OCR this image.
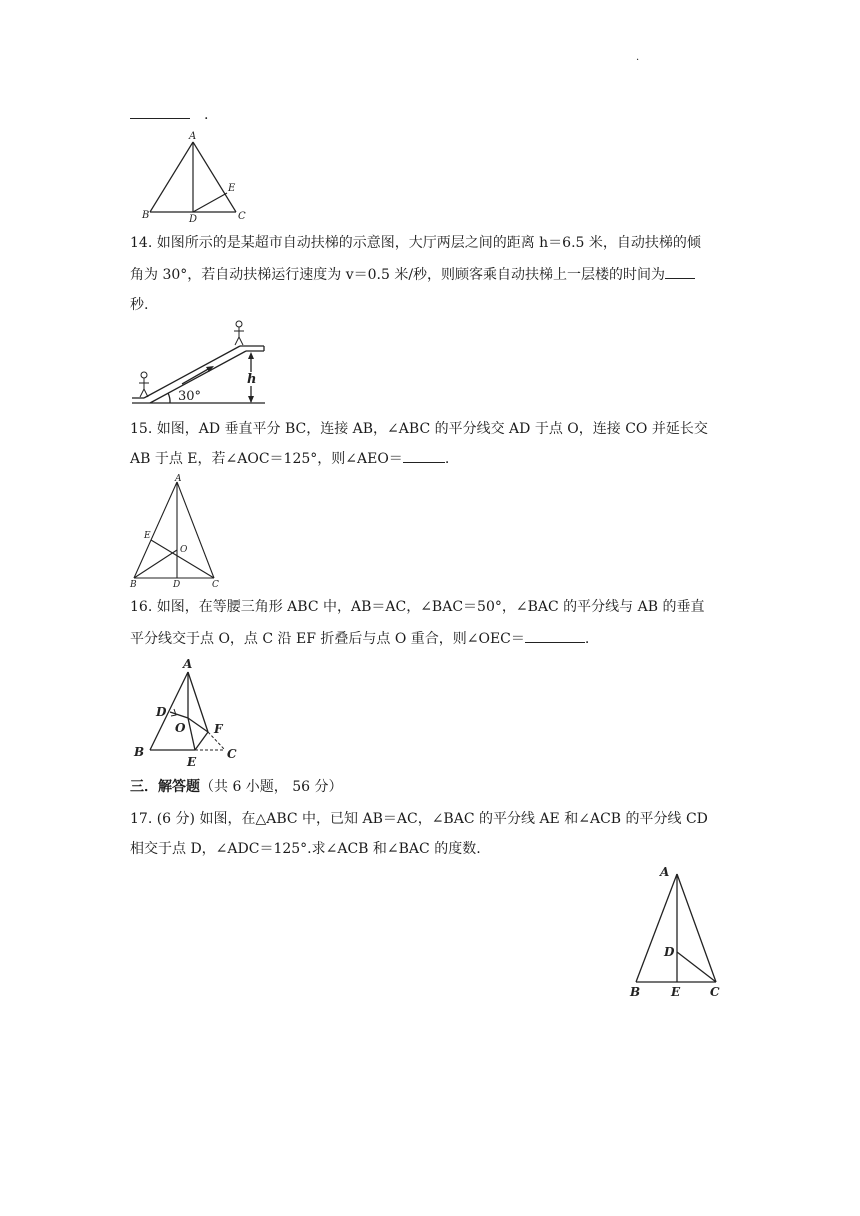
.
.
A
B	C
D
E
14. 如图所示的是某超市自动扶梯的示意图，大厅两层之间的距离 h＝6.5 米，自动扶梯的倾
角为 30°，若自动扶梯运行速度为 v＝0.5 米/秒，则顾客乘自动扶梯上一层楼的时间为
秒.
30°
h
15. 如图，AD 垂直平分 BC，连接 AB，∠ABC 的平分线交 AD 于点 O，连接 CO 并延长交
AB 于点 E，若∠AOC＝125°，则∠AEO＝	.
A
B	C
D
E
O
16. 如图，在等腰三角形 ABC 中，AB＝AC，∠BAC＝50°，∠BAC 的平分线与 AB 的垂直
平分线交于点 O，点 C 沿 EF 折叠后与点 O 重合，则∠OEC＝	.
A
B	C
D
E
F
O
三．解答题（共 6 小题， 56 分）
17. (6 分) 如图，在△ABC 中，已知 AB＝AC，∠BAC 的平分线 AE 和∠ACB 的平分线 CD
相交于点 D，∠ADC＝125°.求∠ACB 和∠BAC 的度数.
A
B	C
D
E
